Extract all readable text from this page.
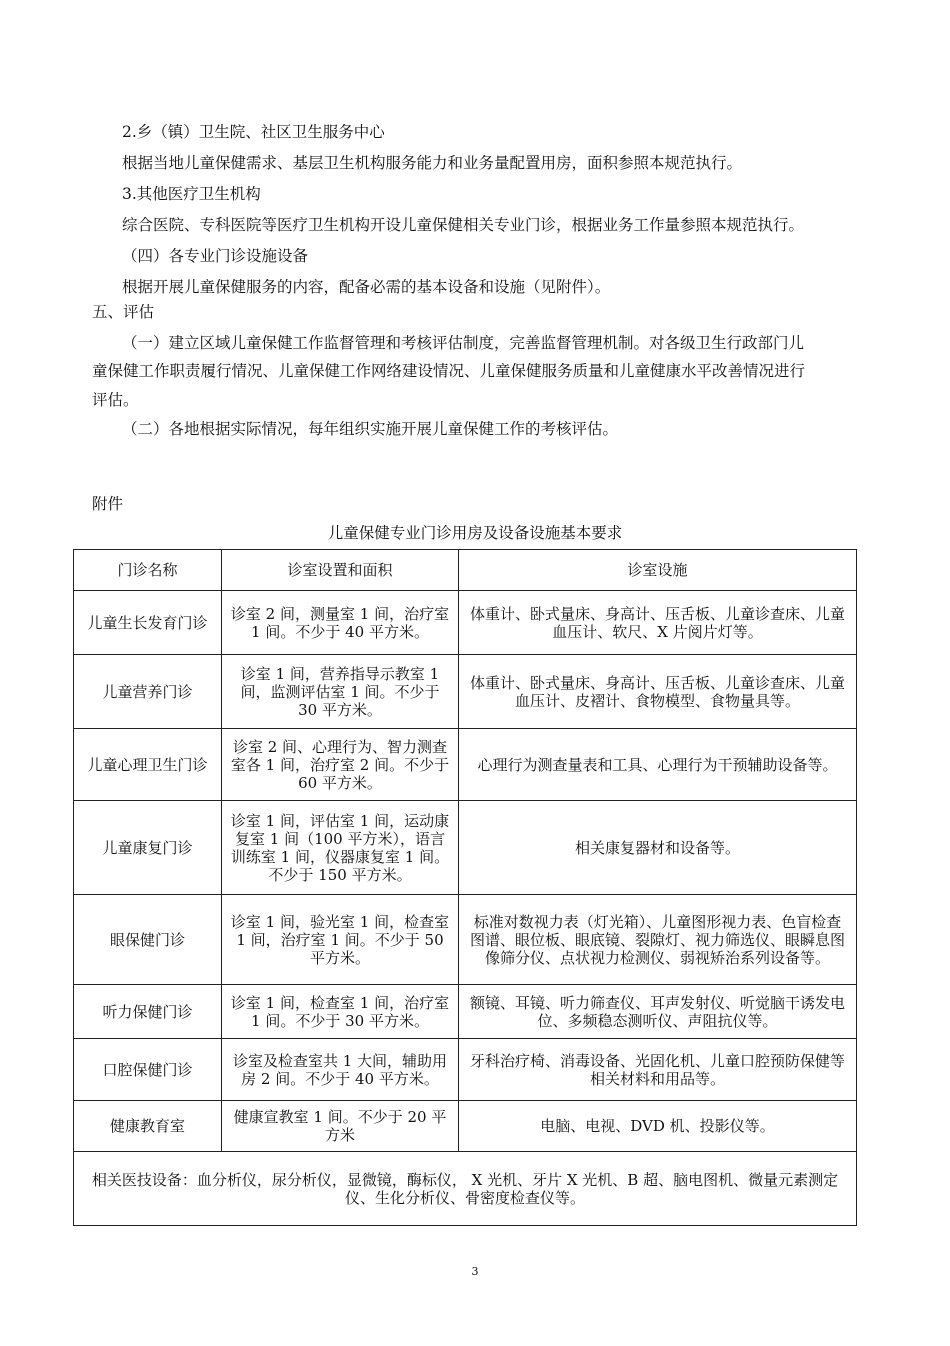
2.乡（镇）卫生院、社区卫生服务中心
根据当地儿童保健需求、基层卫生机构服务能力和业务量配置用房，面积参照本规范执行。
3.其他医疗卫生机构
综合医院、专科医院等医疗卫生机构开设儿童保健相关专业门诊，根据业务工作量参照本规范执行。
（四）各专业门诊设施设备
根据开展儿童保健服务的内容，配备必需的基本设备和设施（见附件）。
五、评估
（一）建立区域儿童保健工作监督管理和考核评估制度，完善监督管理机制。对各级卫生行政部门儿
童保健工作职责履行情况、儿童保健工作网络建设情况、儿童保健服务质量和儿童健康水平改善情况进行
评估。
（二）各地根据实际情况，每年组织实施开展儿童保健工作的考核评估。
附件
儿童保健专业门诊用房及设备设施基本要求
门诊名称	诊室设置和面积	诊室设施
儿童生长发育门诊	诊室 2 间，测量室 1 间，治疗室 1 间。不少于 40 平方米。	体重计、卧式量床、身高计、压舌板、儿童诊查床、儿童血压计、软尺、X 片阅片灯等。
儿童营养门诊	诊室 1 间，营养指导示教室 1 间，监测评估室 1 间。不少于 30 平方米。	体重计、卧式量床、身高计、压舌板、儿童诊查床、儿童血压计、皮褶计、食物模型、食物量具等。
儿童心理卫生门诊	诊室 2 间、心理行为、智力测查室各 1 间，治疗室 2 间。不少于 60 平方米。	心理行为测查量表和工具、心理行为干预辅助设备等。
儿童康复门诊	诊室 1 间，评估室 1 间，运动康复室 1 间（100 平方米），语言训练室 1 间，仪器康复室 1 间。不少于 150 平方米。	相关康复器材和设备等。
眼保健门诊	诊室 1 间，验光室 1 间，检查室 1 间，治疗室 1 间。不少于 50 平方米。	标准对数视力表（灯光箱）、儿童图形视力表、色盲检查图谱、眼位板、眼底镜、裂隙灯、视力筛选仪、眼瞬息图像筛分仪、点状视力检测仪、弱视矫治系列设备等。
听力保健门诊	诊室 1 间，检查室 1 间，治疗室 1 间。不少于 30 平方米。	额镜、耳镜、听力筛查仪、耳声发射仪、听觉脑干诱发电位、多频稳态测听仪、声阻抗仪等。
口腔保健门诊	诊室及检查室共 1 大间，辅助用房 2 间。不少于 40 平方米。	牙科治疗椅、消毒设备、光固化机、儿童口腔预防保健等相关材料和用品等。
健康教育室	健康宣教室 1 间。不少于 20 平方米	电脑、电视、DVD 机、投影仪等。
相关医技设备：血分析仪，尿分析仪，显微镜，酶标仪， X 光机、牙片 X 光机、B 超、脑电图机、微量元素测定仪、生化分析仪、骨密度检查仪等。		
3
